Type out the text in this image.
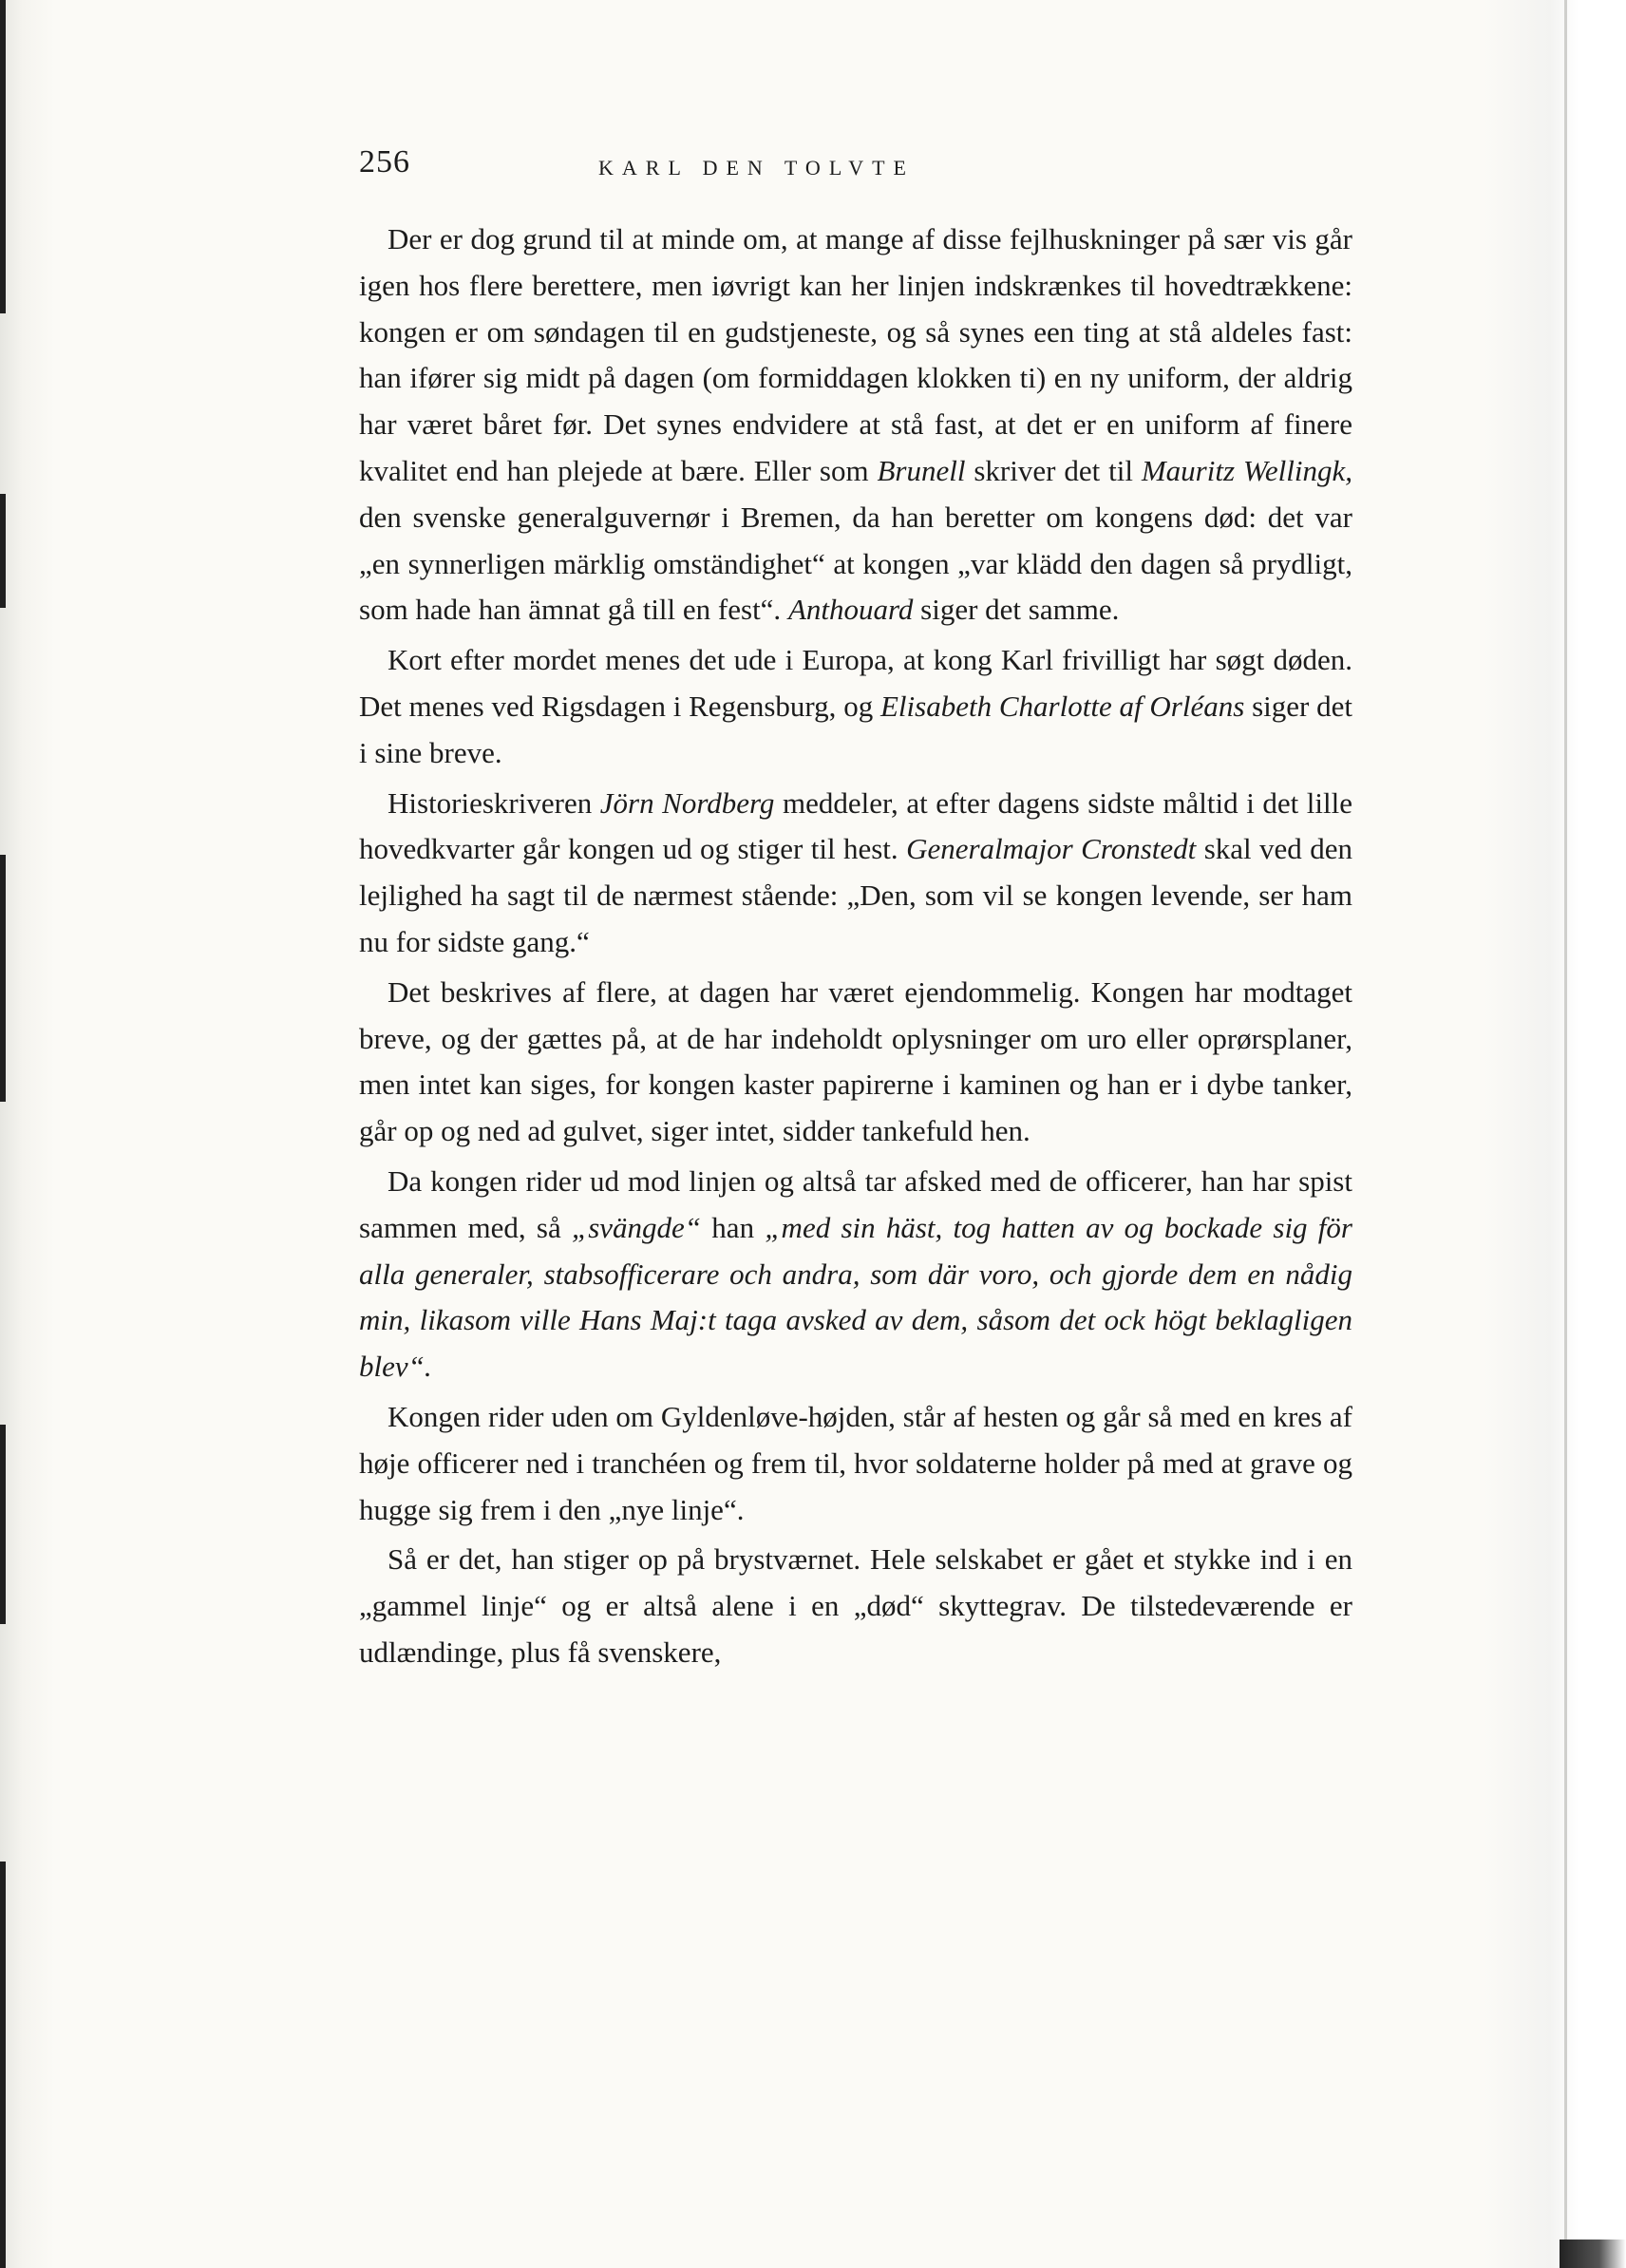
256	KARL DEN TOLVTE

Der er dog grund til at minde om, at mange af disse fejlhuskninger på sær vis går igen hos flere berettere, men iøvrigt kan her linjen indskrænkes til hovedtrækkene: kongen er om søndagen til en gudstjeneste, og så synes een ting at stå aldeles fast: han ifører sig midt på dagen (om formiddagen klokken ti) en ny uniform, der aldrig har været båret før. Det synes endvidere at stå fast, at det er en uniform af finere kvalitet end han plejede at bære. Eller som Brunell skriver det til Mauritz Wellingk, den svenske generalguvernør i Bremen, da han beretter om kongens død: det var „en synnerligen märklig omständighet“ at kongen „var klädd den dagen så prydligt, som hade han ämnat gå till en fest“. Anthouard siger det samme.

Kort efter mordet menes det ude i Europa, at kong Karl frivilligt har søgt døden. Det menes ved Rigsdagen i Regensburg, og Elisabeth Charlotte af Orléans siger det i sine breve.

Historieskriveren Jörn Nordberg meddeler, at efter dagens sidste måltid i det lille hovedkvarter går kongen ud og stiger til hest. Generalmajor Cronstedt skal ved den lejlighed ha sagt til de nærmest stående: „Den, som vil se kongen levende, ser ham nu for sidste gang.“

Det beskrives af flere, at dagen har været ejendommelig. Kongen har modtaget breve, og der gættes på, at de har indeholdt oplysninger om uro eller oprørsplaner, men intet kan siges, for kongen kaster papirerne i kaminen og han er i dybe tanker, går op og ned ad gulvet, siger intet, sidder tankefuld hen.

Da kongen rider ud mod linjen og altså tar afsked med de officerer, han har spist sammen med, så „svängde“ han „med sin häst, tog hatten av og bockade sig för alla generaler, stabsofficerare och andra, som där voro, och gjorde dem en nådig min, likasom ville Hans Maj:t taga avsked av dem, såsom det ock högt beklagligen blev“.

Kongen rider uden om Gyldenløve-højden, står af hesten og går så med en kres af høje officerer ned i tranchéen og frem til, hvor soldaterne holder på med at grave og hugge sig frem i den „nye linje“.

Så er det, han stiger op på brystværnet. Hele selskabet er gået et stykke ind i en „gammel linje“ og er altså alene i en „død“ skyttegrav. De tilstedeværende er udlændinge, plus få svenskere,
